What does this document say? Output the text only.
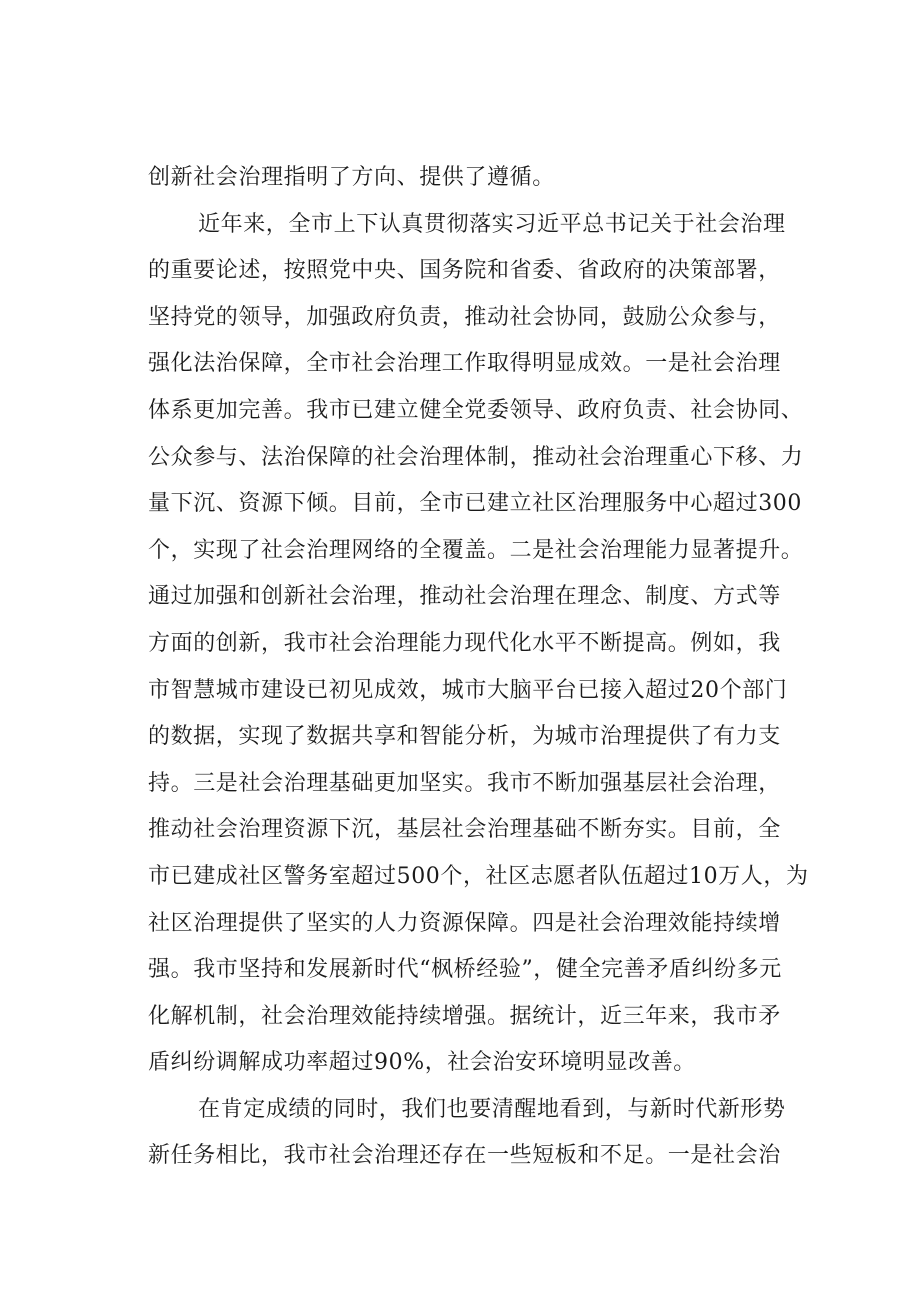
创新社会治理指明了方向、提供了遵循。
近年来，全市上下认真贯彻落实习近平总书记关于社会治理
的重要论述，按照党中央、国务院和省委、省政府的决策部署，
坚持党的领导，加强政府负责，推动社会协同，鼓励公众参与，
强化法治保障，全市社会治理工作取得明显成效。一是社会治理
体系更加完善。我市已建立健全党委领导、政府负责、社会协同、
公众参与、法治保障的社会治理体制，推动社会治理重心下移、力
量下沉、资源下倾。目前，全市已建立社区治理服务中心超过300
个，实现了社会治理网络的全覆盖。二是社会治理能力显著提升。
通过加强和创新社会治理，推动社会治理在理念、制度、方式等
方面的创新，我市社会治理能力现代化水平不断提高。例如，我
市智慧城市建设已初见成效，城市大脑平台已接入超过20个部门
的数据，实现了数据共享和智能分析，为城市治理提供了有力支
持。三是社会治理基础更加坚实。我市不断加强基层社会治理，
推动社会治理资源下沉，基层社会治理基础不断夯实。目前，全
市已建成社区警务室超过500个，社区志愿者队伍超过10万人，为
社区治理提供了坚实的人力资源保障。四是社会治理效能持续增
强。我市坚持和发展新时代“枫桥经验”，健全完善矛盾纠纷多元
化解机制，社会治理效能持续增强。据统计，近三年来，我市矛
盾纠纷调解成功率超过90%，社会治安环境明显改善。
在肯定成绩的同时，我们也要清醒地看到，与新时代新形势
新任务相比，我市社会治理还存在一些短板和不足。一是社会治
